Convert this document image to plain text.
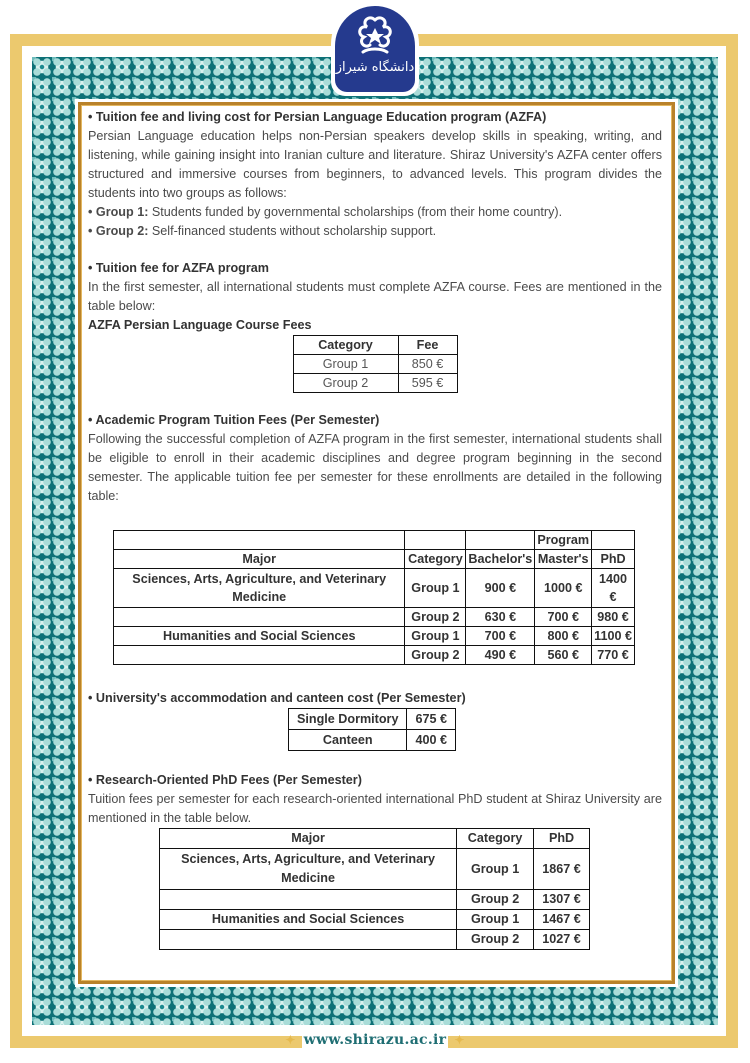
دانشگاه شیراز

• Tuition fee and living cost for Persian Language Education program (AZFA)

Persian Language education helps non-Persian speakers develop skills in speaking, writing, and listening, while gaining insight into Iranian culture and literature. Shiraz University's AZFA center offers structured and immersive courses from beginners, to advanced levels. This program divides the students into two groups as follows:

• Group 1: Students funded by governmental scholarships (from their home country).

• Group 2: Self-financed students without scholarship support.

• Tuition fee for AZFA program

In the first semester, all international students must complete AZFA course. Fees are mentioned in the table below:

AZFA Persian Language Course Fees

Category	Fee
Group 1	850 €
Group 2	595 €

• Academic Program Tuition Fees (Per Semester)

Following the successful completion of AZFA program in the first semester, international students shall be eligible to enroll in their academic disciplines and degree program beginning in the second semester. The applicable tuition fee per semester for these enrollments are detailed in the following table:

			Program	
Major	Category	Bachelor's	Master's	PhD
Sciences, Arts, Agriculture, and Veterinary Medicine	Group 1	900 €	1000 €	1400 €
	Group 2	630 €	700 €	980 €
Humanities and Social Sciences	Group 1	700 €	800 €	1100 €
	Group 2	490 €	560 €	770 €

• University's accommodation and canteen cost (Per Semester)

Single Dormitory	675 €
Canteen	400 €

• Research-Oriented PhD Fees (Per Semester)

Tuition fees per semester for each research-oriented international PhD student at Shiraz University are mentioned in the table below.

Major	Category	PhD
Sciences, Arts, Agriculture, and Veterinary Medicine	Group 1	1867 €
	Group 2	1307 €
Humanities and Social Sciences	Group 1	1467 €
	Group 2	1027 €
✦ www.shirazu.ac.ir ✦
